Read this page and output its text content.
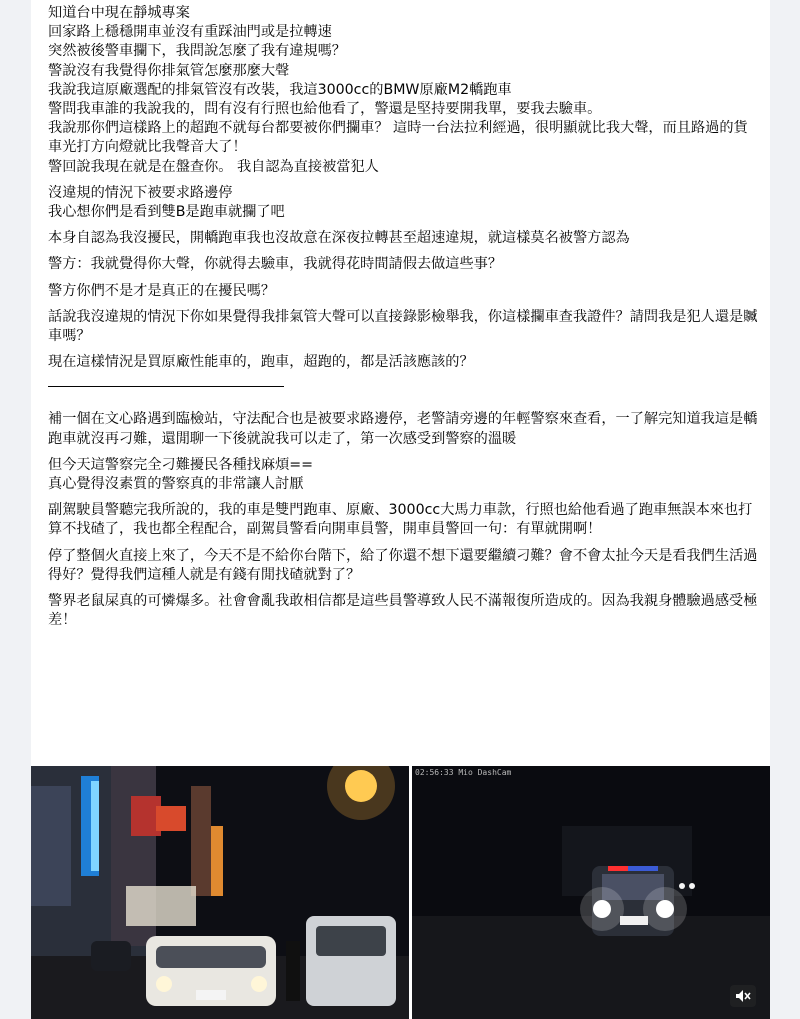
知道台中現在靜城專案
回家路上穩穩開車並沒有重踩油門或是拉轉速
突然被後警車攔下，我問說怎麼了我有違規嗎？
警說沒有我覺得你排氣管怎麼那麼大聲
我說我這原廠選配的排氣管沒有改裝，我這3000cc的BMW原廠M2轎跑車
警問我車誰的我說我的，問有沒有行照也給他看了，警還是堅持要開我單，要我去驗車。
我說那你們這樣路上的超跑不就每台都要被你們攔車？ 這時一台法拉利經過，很明顯就比我大聲，而且路過的貨車光打方向燈就比我聲音大了！
警回說我現在就是在盤查你。 我自認為直接被當犯人
沒違規的情況下被要求路邊停
我心想你們是看到雙B是跑車就攔了吧
本身自認為我沒擾民，開轎跑車我也沒故意在深夜拉轉甚至超速違規，就這樣莫名被警方認為
警方：我就覺得你大聲，你就得去驗車，我就得花時間請假去做這些事？
警方你們不是才是真正的在擾民嗎？
話說我沒違規的情況下你如果覺得我排氣管大聲可以直接錄影檢舉我，你這樣攔車查我證件？請問我是犯人還是贓車嗎？
現在這樣情況是買原廠性能車的，跑車，超跑的，都是活該應該的？
補一個在文心路遇到臨檢站，守法配合也是被要求路邊停，老警請旁邊的年輕警察來查看，一了解完知道我這是轎跑車就沒再刁難，還閒聊一下後就說我可以走了，第一次感受到警察的溫暖
但今天這警察完全刁難擾民各種找麻煩==
真心覺得沒素質的警察真的非常讓人討厭
副駕駛員警聽完我所說的，我的車是雙門跑車、原廠、3000cc大馬力車款，行照也給他看過了跑車無誤本來也打算不找碴了，我也都全程配合，副駕員警看向開車員警，開車員警回一句：有單就開啊！
停了整個火直接上來了，今天不是不給你台階下，給了你還不想下還要繼續刁難？會不會太扯今天是看我們生活過得好？覺得我們這種人就是有錢有閒找碴就對了？
警界老鼠屎真的可憐爆多。社會會亂我敢相信都是這些員警導致人民不滿報復所造成的。因為我親身體驗過感受極差！
02:56:33 Mio DashCam
